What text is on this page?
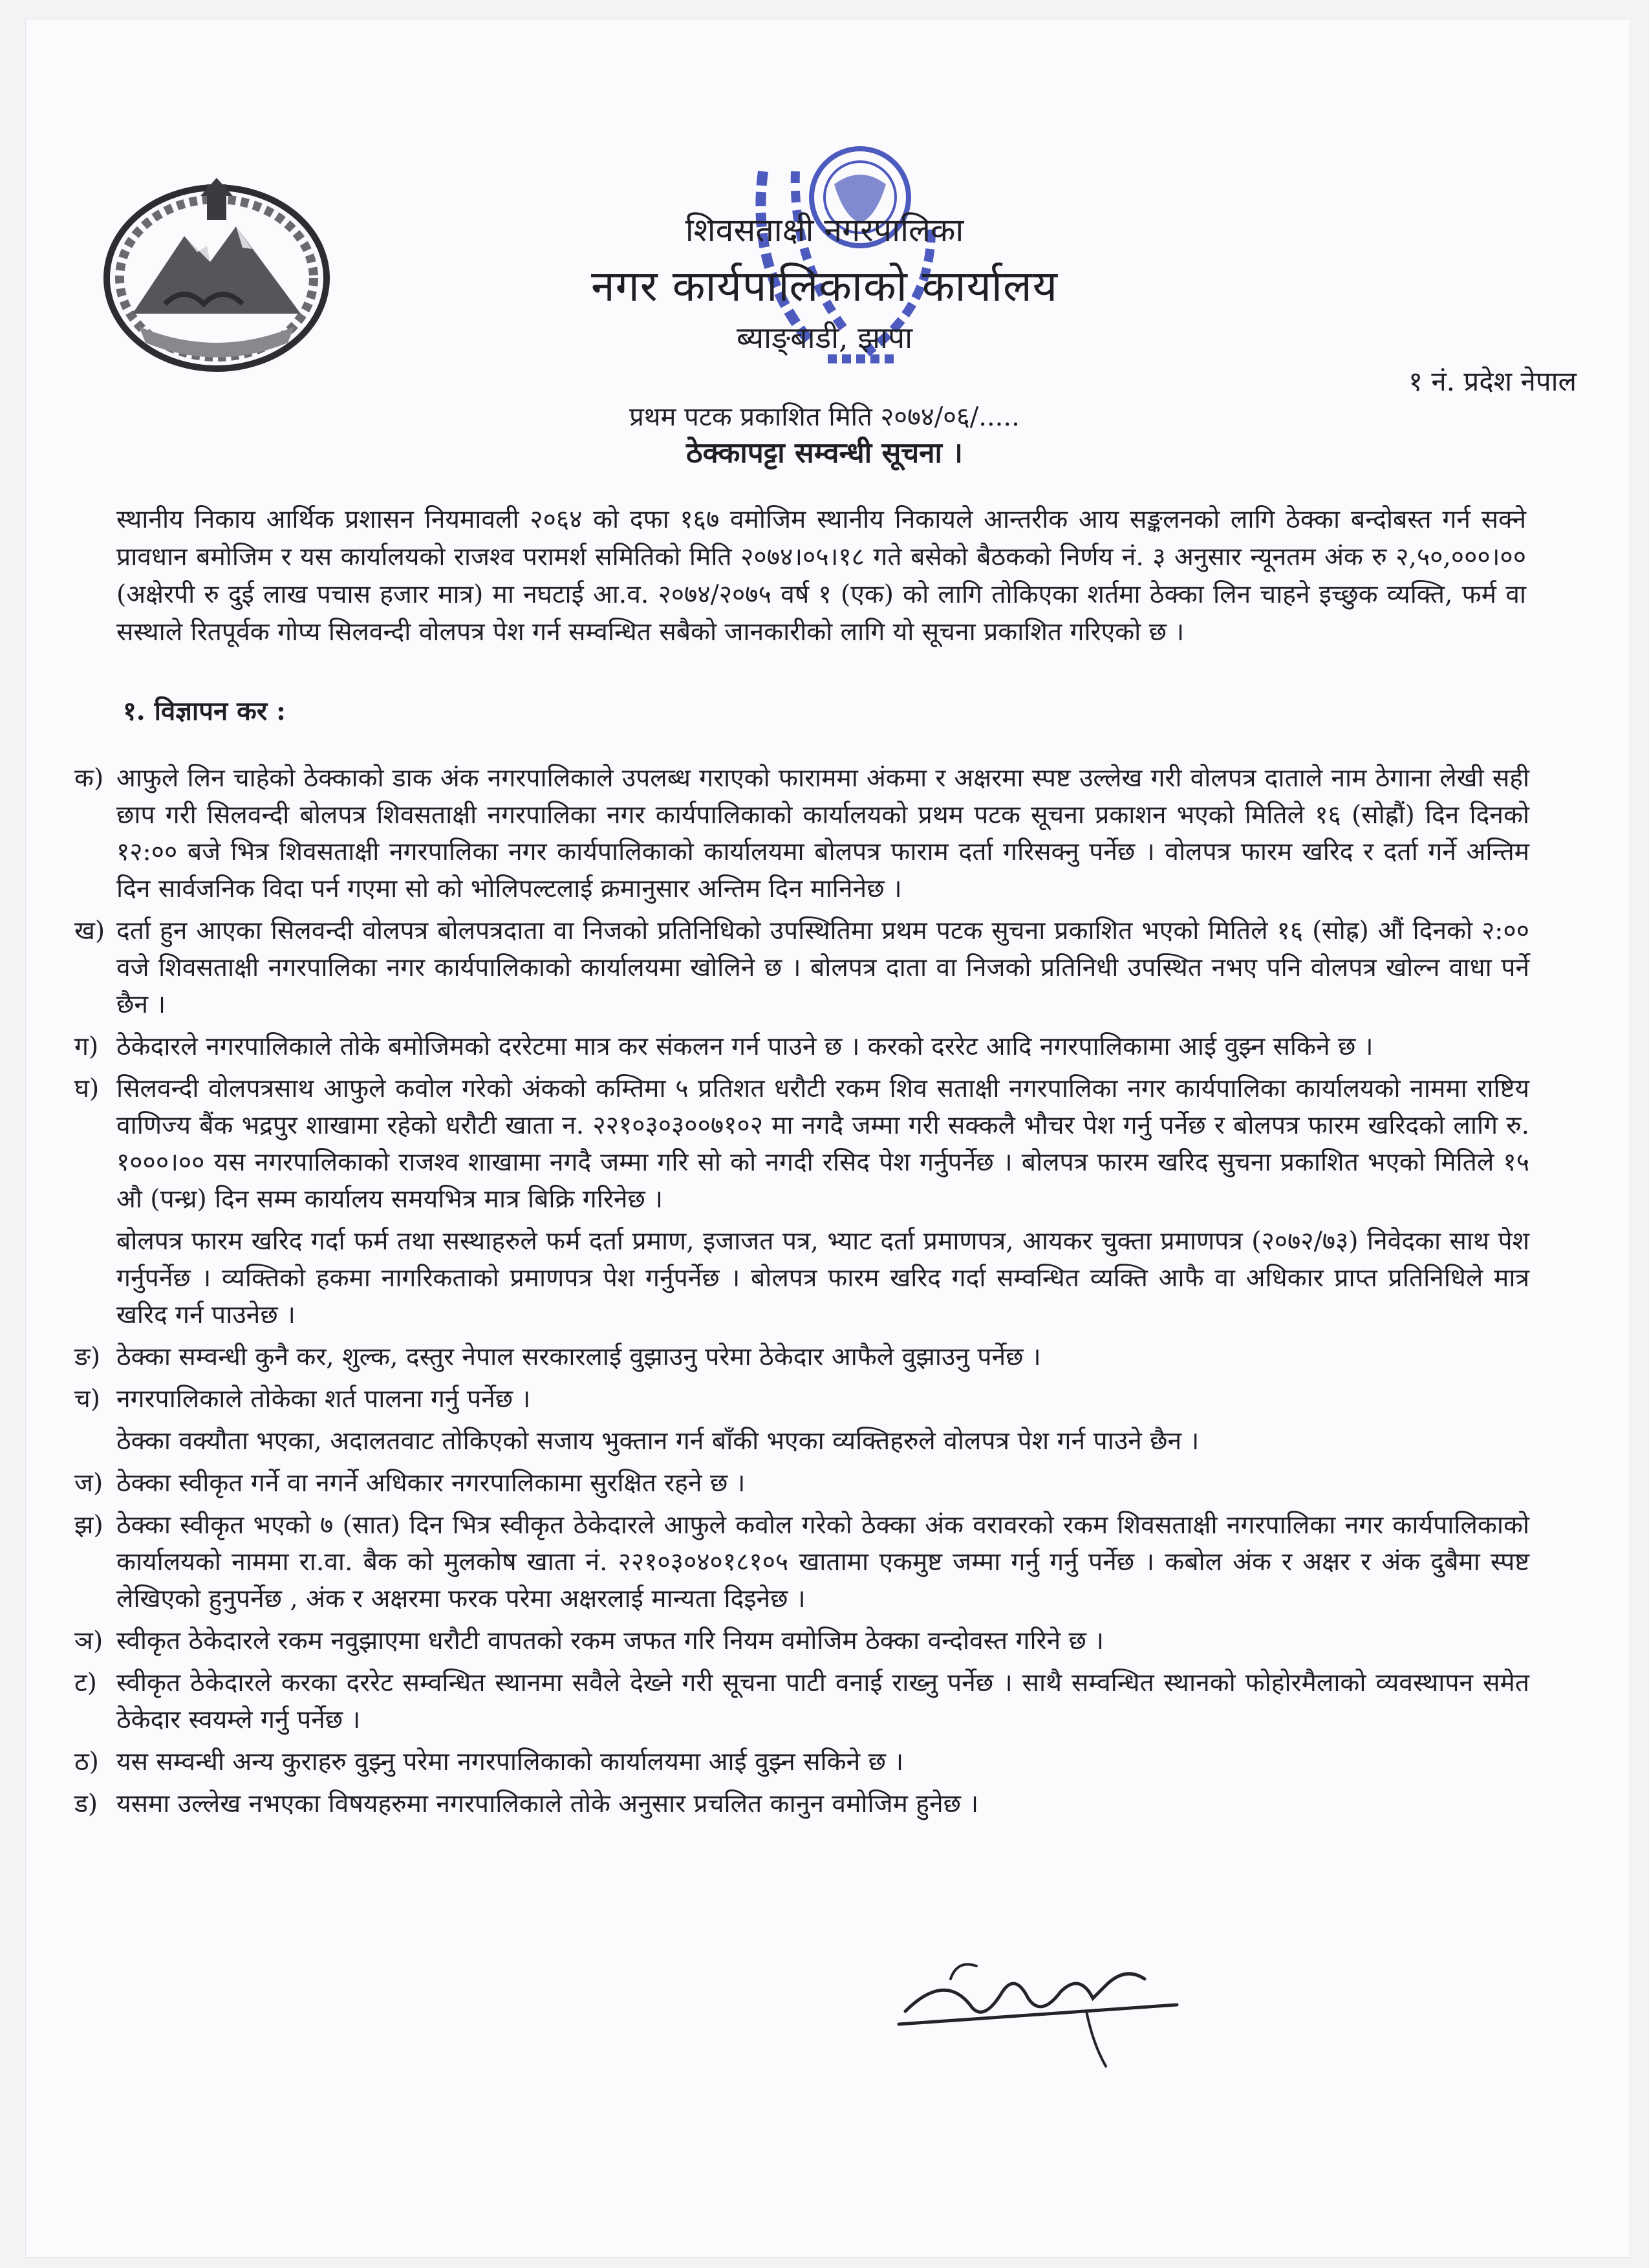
शिवसताक्षी नगरपालिका
नगर कार्यपालिकाको कार्यालय
ब्याङ्बाडी, झापा
१ नं. प्रदेश नेपाल
प्रथम पटक प्रकाशित मिति २०७४/०६/.....
ठेक्कापट्टा सम्वन्धी सूचना ।
स्थानीय निकाय आर्थिक प्रशासन नियमावली २०६४ को दफा १६७ वमोजिम स्थानीय निकायले आन्तरीक आय सङ्कलनको लागि ठेक्का बन्दोबस्त गर्न सक्ने प्रावधान बमोजिम र यस कार्यालयको राजश्व परामर्श समितिको मिति २०७४।०५।१८ गते बसेको बैठकको निर्णय नं. ३ अनुसार न्यूनतम अंक रु २,५०,०००।०० (अक्षेरपी रु दुई लाख पचास हजार मात्र) मा नघटाई आ.व. २०७४/२०७५ वर्ष १ (एक) को लागि तोकिएका शर्तमा ठेक्का लिन चाहने इच्छुक व्यक्ति, फर्म वा सस्थाले रितपूर्वक गोप्य सिलवन्दी वोलपत्र पेश गर्न सम्वन्धित सबैको जानकारीको लागि यो सूचना प्रकाशित गरिएको छ ।
१. विज्ञापन कर :
क) आफुले लिन चाहेको ठेक्काको डाक अंक नगरपालिकाले उपलब्ध गराएको फाराममा अंकमा र अक्षरमा स्पष्ट उल्लेख गरी वोलपत्र दाताले नाम ठेगाना लेखी सही छाप गरी सिलवन्दी बोलपत्र शिवसताक्षी नगरपालिका नगर कार्यपालिकाको कार्यालयको प्रथम पटक सूचना प्रकाशन भएको मितिले १६ (सोह्रौं) दिन दिनको १२:०० बजे भित्र शिवसताक्षी नगरपालिका नगर कार्यपालिकाको कार्यालयमा बोलपत्र फाराम दर्ता गरिसक्नु पर्नेछ । वोलपत्र फारम खरिद र दर्ता गर्ने अन्तिम दिन सार्वजनिक विदा पर्न गएमा सो को भोलिपल्टलाई क्रमानुसार अन्तिम दिन मानिनेछ ।
ख) दर्ता हुन आएका सिलवन्दी वोलपत्र बोलपत्रदाता वा निजको प्रतिनिधिको उपस्थितिमा प्रथम पटक सुचना प्रकाशित भएको मितिले १६ (सोह्र) औं दिनको २:०० वजे शिवसताक्षी नगरपालिका नगर कार्यपालिकाको कार्यालयमा खोलिने छ । बोलपत्र दाता वा निजको प्रतिनिधी उपस्थित नभए पनि वोलपत्र खोल्न वाधा पर्ने छैन ।
ग) ठेकेदारले नगरपालिकाले तोके बमोजिमको दररेटमा मात्र कर संकलन गर्न पाउने छ । करको दररेट आदि नगरपालिकामा आई वुझ्न सकिने छ ।
घ) सिलवन्दी वोलपत्रसाथ आफुले कवोल गरेको अंकको कम्तिमा ५ प्रतिशत धरौटी रकम शिव सताक्षी नगरपालिका नगर कार्यपालिका कार्यालयको नाममा राष्टिय वाणिज्य बैंक भद्रपुर शाखामा रहेको धरौटी खाता न. २२१०३०३००७१०२ मा नगदै जम्मा गरी सक्कलै भौचर पेश गर्नु पर्नेछ र बोलपत्र फारम खरिदको लागि रु. १०००।०० यस नगरपालिकाको राजश्व शाखामा नगदै जम्मा गरि सो को नगदी रसिद पेश गर्नुपर्नेछ । बोलपत्र फारम खरिद सुचना प्रकाशित भएको मितिले १५ औ (पन्ध्र) दिन सम्म कार्यालय समयभित्र मात्र बिक्रि गरिनेछ ।
बोलपत्र फारम खरिद गर्दा फर्म तथा सस्थाहरुले फर्म दर्ता प्रमाण, इजाजत पत्र, भ्याट दर्ता प्रमाणपत्र, आयकर चुक्ता प्रमाणपत्र (२०७२/७३) निवेदका साथ पेश गर्नुपर्नेछ । व्यक्तिको हकमा नागरिकताको प्रमाणपत्र पेश गर्नुपर्नेछ । बोलपत्र फारम खरिद गर्दा सम्वन्धित व्यक्ति आफै वा अधिकार प्राप्त प्रतिनिधिले मात्र खरिद गर्न पाउनेछ ।
ङ) ठेक्का सम्वन्धी कुनै कर, शुल्क, दस्तुर नेपाल सरकारलाई वुझाउनु परेमा ठेकेदार आफैले वुझाउनु पर्नेछ ।
च) नगरपालिकाले तोकेका शर्त पालना गर्नु पर्नेछ ।
ठेक्का वक्यौता भएका, अदालतवाट तोकिएको सजाय भुक्तान गर्न बाँकी भएका व्यक्तिहरुले वोलपत्र पेश गर्न पाउने छैन ।
ज) ठेक्का स्वीकृत गर्ने वा नगर्ने अधिकार नगरपालिकामा सुरक्षित रहने छ ।
झ) ठेक्का स्वीकृत भएको ७ (सात) दिन भित्र स्वीकृत ठेकेदारले आफुले कवोल गरेको ठेक्का अंक वरावरको रकम शिवसताक्षी नगरपालिका नगर कार्यपालिकाको कार्यालयको नाममा रा.वा. बैक को मुलकोष खाता नं. २२१०३०४०१८१०५ खातामा एकमुष्ट जम्मा गर्नु गर्नु पर्नेछ । कबोल अंक र अक्षर र अंक दुबैमा स्पष्ट लेखिएको हुनुपर्नेछ , अंक र अक्षरमा फरक परेमा अक्षरलाई मान्यता दिइनेछ ।
ञ) स्वीकृत ठेकेदारले रकम नवुझाएमा धरौटी वापतको रकम जफत गरि नियम वमोजिम ठेक्का वन्दोवस्त गरिने छ ।
ट) स्वीकृत ठेकेदारले करका दररेट सम्वन्धित स्थानमा सवैले देख्ने गरी सूचना पाटी वनाई राख्नु पर्नेछ । साथै सम्वन्धित स्थानको फोहोरमैलाको व्यवस्थापन समेत ठेकेदार स्वयम्ले गर्नु पर्नेछ ।
ठ) यस सम्वन्धी अन्य कुराहरु वुझ्नु परेमा नगरपालिकाको कार्यालयमा आई वुझ्न सकिने छ ।
ड) यसमा उल्लेख नभएका विषयहरुमा नगरपालिकाले तोके अनुसार प्रचलित कानुन वमोजिम हुनेछ ।
